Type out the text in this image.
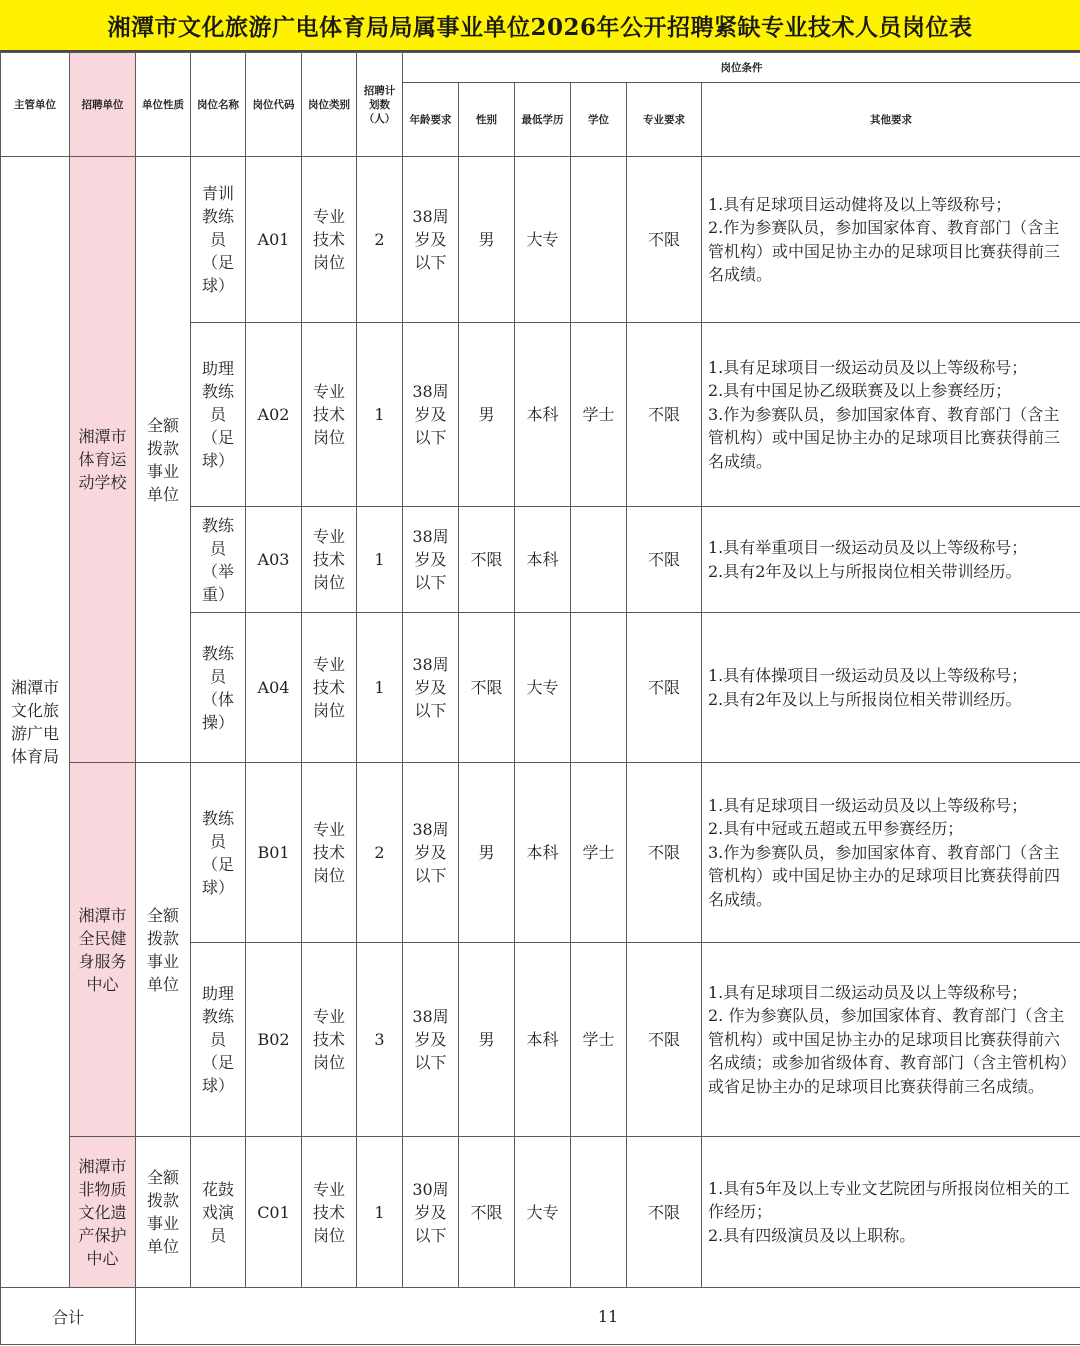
湘潭市文化旅游广电体育局局属事业单位2026年公开招聘紧缺专业技术人员岗位表
主管单位	招聘单位	单位性质	岗位名称	岗位代码	岗位类别	招聘计划数（人）	岗位条件					
							年龄要求	性别	最低学历	学位	专业要求	其他要求
湘潭市文化旅游广电体育局	湘潭市体育运动学校	全额拨款事业单位	青训教练员（足球）	A01	专业技术岗位	2	38周岁及以下	男	大专		不限	1.具有足球项目运动健将及以上等级称号；
2.作为参赛队员，参加国家体育、教育部门（含主管机构）或中国足协主办的足球项目比赛获得前三名成绩。

			助理教练员（足球）	A02	专业技术岗位	1	38周岁及以下	男	本科	学士	不限	1.具有足球项目一级运动员及以上等级称号；
2.具有中国足协乙级联赛及以上参赛经历；
3.作为参赛队员，参加国家体育、教育部门（含主管机构）或中国足协主办的足球项目比赛获得前三名成绩。

			教练员（举重）	A03	专业技术岗位	1	38周岁及以下	不限	本科		不限	1.具有举重项目一级运动员及以上等级称号；
2.具有2年及以上与所报岗位相关带训经历。

			教练员（体操）	A04	专业技术岗位	1	38周岁及以下	不限	大专		不限	1.具有体操项目一级运动员及以上等级称号；
2.具有2年及以上与所报岗位相关带训经历。

	湘潭市全民健身服务中心	全额拨款事业单位	教练员（足球）	B01	专业技术岗位	2	38周岁及以下	男	本科	学士	不限	1.具有足球项目一级运动员及以上等级称号；
2.具有中冠或五超或五甲参赛经历；
3.作为参赛队员，参加国家体育、教育部门（含主管机构）或中国足协主办的足球项目比赛获得前四名成绩。

			助理教练员（足球）	B02	专业技术岗位	3	38周岁及以下	男	本科	学士	不限	1.具有足球项目二级运动员及以上等级称号；
2. 作为参赛队员，参加国家体育、教育部门（含主管机构）或中国足协主办的足球项目比赛获得前六名成绩；或参加省级体育、教育部门（含主管机构）或省足协主办的足球项目比赛获得前三名成绩。

	湘潭市非物质文化遗产保护中心	全额拨款事业单位	花鼓戏演员	C01	专业技术岗位	1	30周岁及以下	不限	大专		不限	1.具有5年及以上专业文艺院团与所报岗位相关的工作经历；
2.具有四级演员及以上职称。

合计		11										
